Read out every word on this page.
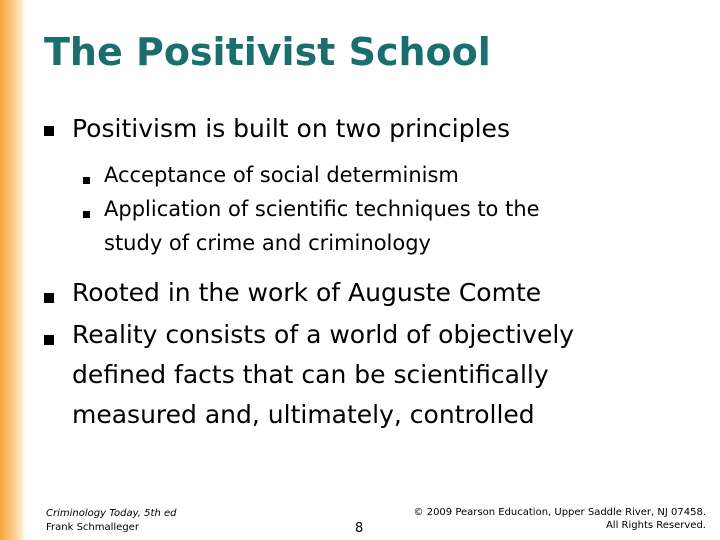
The Positivist School
Positivism is built on two principles
Acceptance of social determinism
Application of scientific techniques to the
study of crime and criminology
Rooted in the work of Auguste Comte
Reality consists of a world of objectively
defined facts that can be scientifically
measured and, ultimately, controlled
Criminology Today, 5th ed
Frank Schmalleger	8
© 2009 Pearson Education, Upper Saddle River, NJ 07458.
All Rights Reserved.
